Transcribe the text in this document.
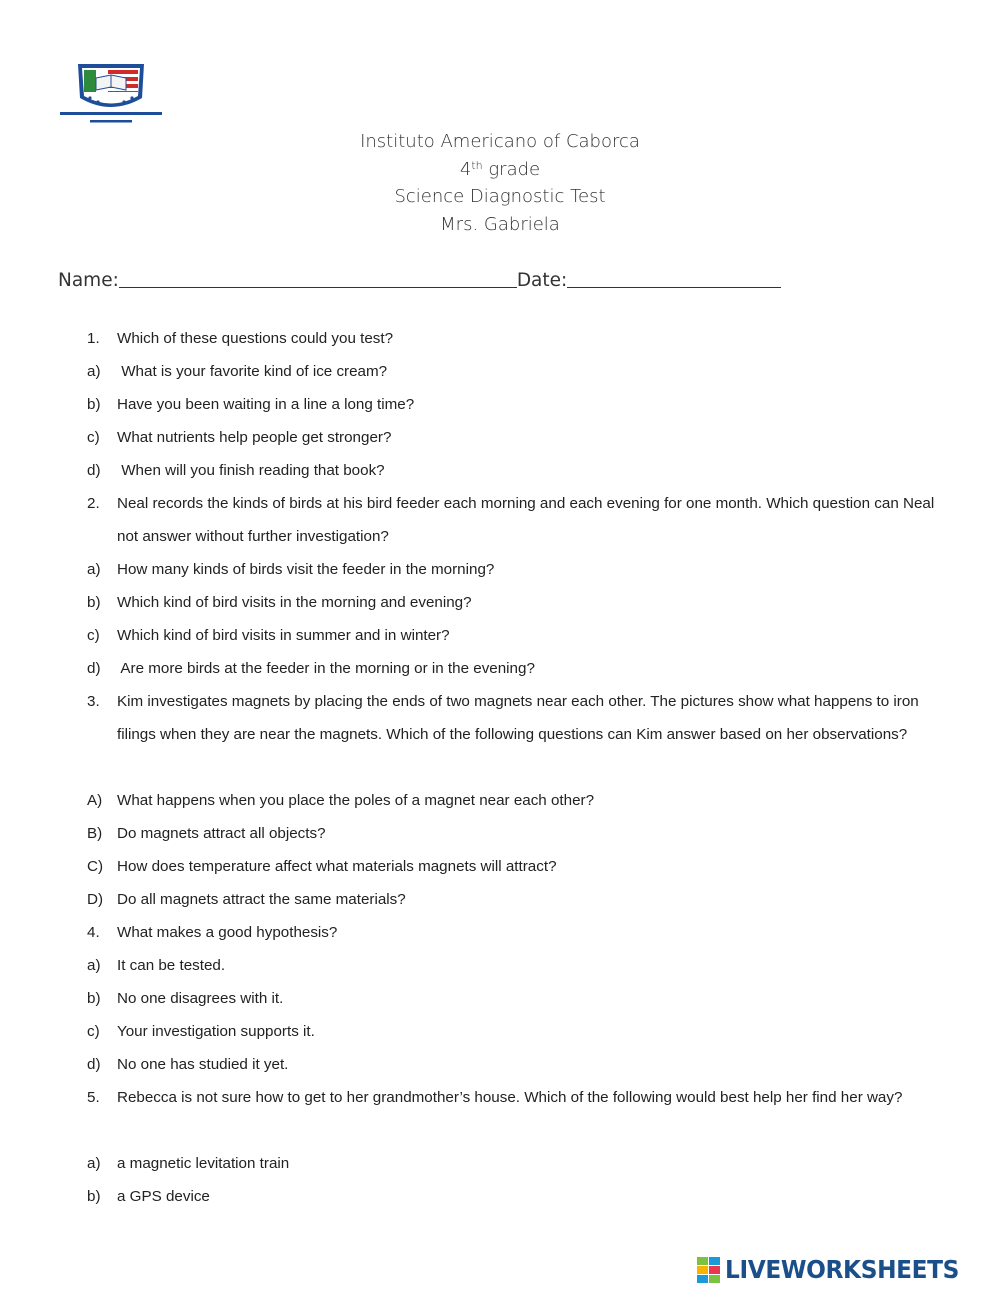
Instituto Americano of Caborca
4th grade
Science Diagnostic Test
Mrs. Gabriela
Name:	Date:
1. Which of these questions could you test?
a) What is your favorite kind of ice cream?
b) Have you been waiting in a line a long time?
c) What nutrients help people get stronger?
d) When will you finish reading that book?
2. Neal records the kinds of birds at his bird feeder each morning and each evening for one month. Which question can Neal not answer without further investigation?
a) How many kinds of birds visit the feeder in the morning?
b) Which kind of bird visits in the morning and evening?
c) Which kind of bird visits in summer and in winter?
d) Are more birds at the feeder in the morning or in the evening?
3. Kim investigates magnets by placing the ends of two magnets near each other. The pictures show what happens to iron filings when they are near the magnets. Which of the following questions can Kim answer based on her observations?
A) What happens when you place the poles of a magnet near each other?
B) Do magnets attract all objects?
C) How does temperature affect what materials magnets will attract?
D) Do all magnets attract the same materials?
4. What makes a good hypothesis?
a) It can be tested.
b) No one disagrees with it.
c) Your investigation supports it.
d) No one has studied it yet.
5. Rebecca is not sure how to get to her grandmother’s house. Which of the following would best help her find her way?
a) a magnetic levitation train
b) a GPS device
LIVEWORKSHEETS
